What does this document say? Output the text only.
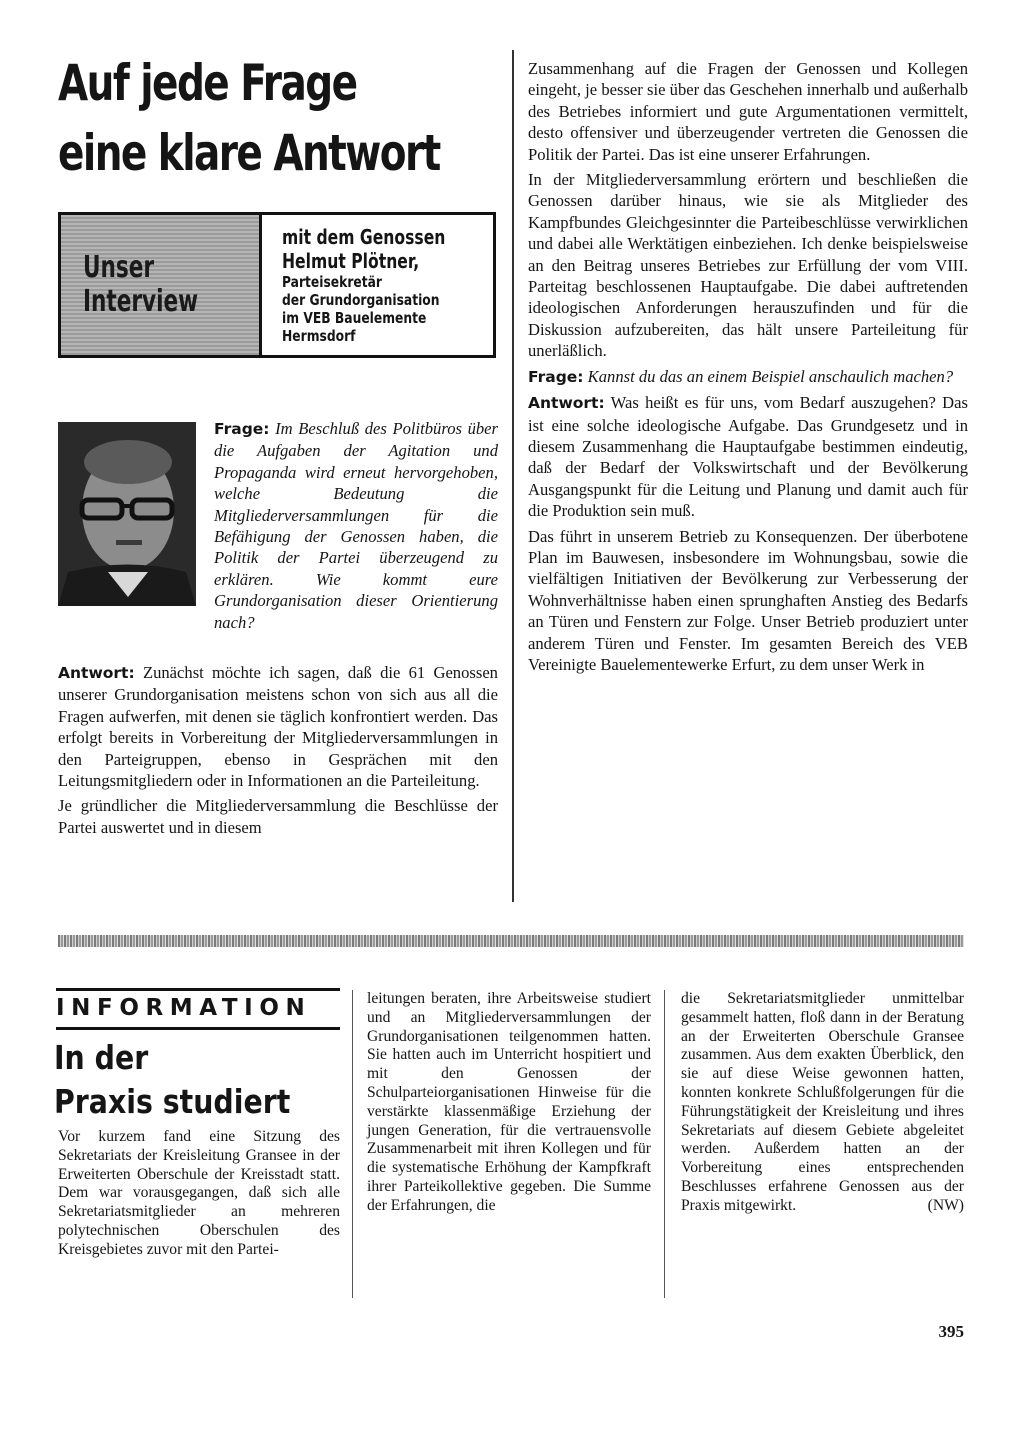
Auf jede Frage
eine klare Antwort
Unser
Interview
mit dem Genossen
Helmut Plötner,
Parteisekretär
der Grundorganisation
im VEB Bauelemente
Hermsdorf
Frage: Im Beschluß des Politbüros über die Aufgaben der Agitation und Propaganda wird erneut hervorgehoben, welche Bedeutung die Mitgliederversammlungen für die Befähigung der Genossen haben, die Politik der Partei überzeugend zu erklären. Wie kommt eure Grundorganisation dieser Orientierung nach?

Antwort: Zunächst möchte ich sagen, daß die 61 Genossen unserer Grundorganisation meistens schon von sich aus all die Fragen aufwerfen, mit denen sie täglich konfrontiert werden. Das erfolgt bereits in Vorbereitung der Mitgliederversammlungen in den Parteigruppen, ebenso in Gesprächen mit den Leitungsmitgliedern oder in Informationen an die Parteileitung.

Je gründlicher die Mitgliederversammlung die Beschlüsse der Partei auswertet und in diesem

Zusammenhang auf die Fragen der Genossen und Kollegen eingeht, je besser sie über das Geschehen innerhalb und außerhalb des Betriebes informiert und gute Argumentationen vermittelt, desto offensiver und überzeugender vertreten die Genossen die Politik der Partei. Das ist eine unserer Erfahrungen.

In der Mitgliederversammlung erörtern und beschließen die Genossen darüber hinaus, wie sie als Mitglieder des Kampfbundes Gleichgesinnter die Parteibeschlüsse verwirklichen und dabei alle Werktätigen einbeziehen. Ich denke beispielsweise an den Beitrag unseres Betriebes zur Erfüllung der vom VIII. Parteitag beschlossenen Hauptaufgabe. Die dabei auftretenden ideologischen Anforderungen herauszufinden und für die Diskussion aufzubereiten, das hält unsere Parteileitung für unerläßlich.

Frage: Kannst du das an einem Beispiel anschaulich machen?

Antwort: Was heißt es für uns, vom Bedarf auszugehen? Das ist eine solche ideologische Aufgabe. Das Grundgesetz und in diesem Zusammenhang die Hauptaufgabe bestimmen eindeutig, daß der Bedarf der Volkswirtschaft und der Bevölkerung Ausgangspunkt für die Leitung und Planung und damit auch für die Produktion sein muß.

Das führt in unserem Betrieb zu Konsequenzen. Der überbotene Plan im Bauwesen, insbesondere im Wohnungsbau, sowie die vielfältigen Initiativen der Bevölkerung zur Verbesserung der Wohnverhältnisse haben einen sprunghaften Anstieg des Bedarfs an Türen und Fenstern zur Folge. Unser Betrieb produziert unter anderem Türen und Fenster. Im gesamten Bereich des VEB Vereinigte Bauelementewerke Erfurt, zu dem unser Werk in

INFORMATION
In der
Praxis studiert
Vor kurzem fand eine Sitzung des Sekretariats der Kreisleitung Gransee in der Erweiterten Oberschule der Kreisstadt statt. Dem war vorausgegangen, daß sich alle Sekretariatsmitglieder an mehreren polytechnischen Oberschulen des Kreisgebietes zuvor mit den Partei-
leitungen beraten, ihre Arbeitsweise studiert und an Mitgliederversammlungen der Grundorganisationen teilgenommen hatten. Sie hatten auch im Unterricht hospitiert und mit den Genossen der Schulparteiorganisationen Hinweise für die verstärkte klassenmäßige Erziehung der jungen Generation, für die vertrauensvolle Zusammenarbeit mit ihren Kollegen und für die systematische Erhöhung der Kampfkraft ihrer Parteikollektive gegeben. Die Summe der Erfahrungen, die
die Sekretariatsmitglieder unmittelbar gesammelt hatten, floß dann in der Beratung an der Erweiterten Oberschule Gransee zusammen. Aus dem exakten Überblick, den sie auf diese Weise gewonnen hatten, konnten konkrete Schlußfolgerungen für die Führungstätigkeit der Kreisleitung und ihres Sekretariats auf diesem Gebiete abgeleitet werden. Außerdem hatten an der Vorbereitung eines entsprechenden Beschlusses erfahrene Genossen aus der Praxis mitgewirkt.	(NW)
395
